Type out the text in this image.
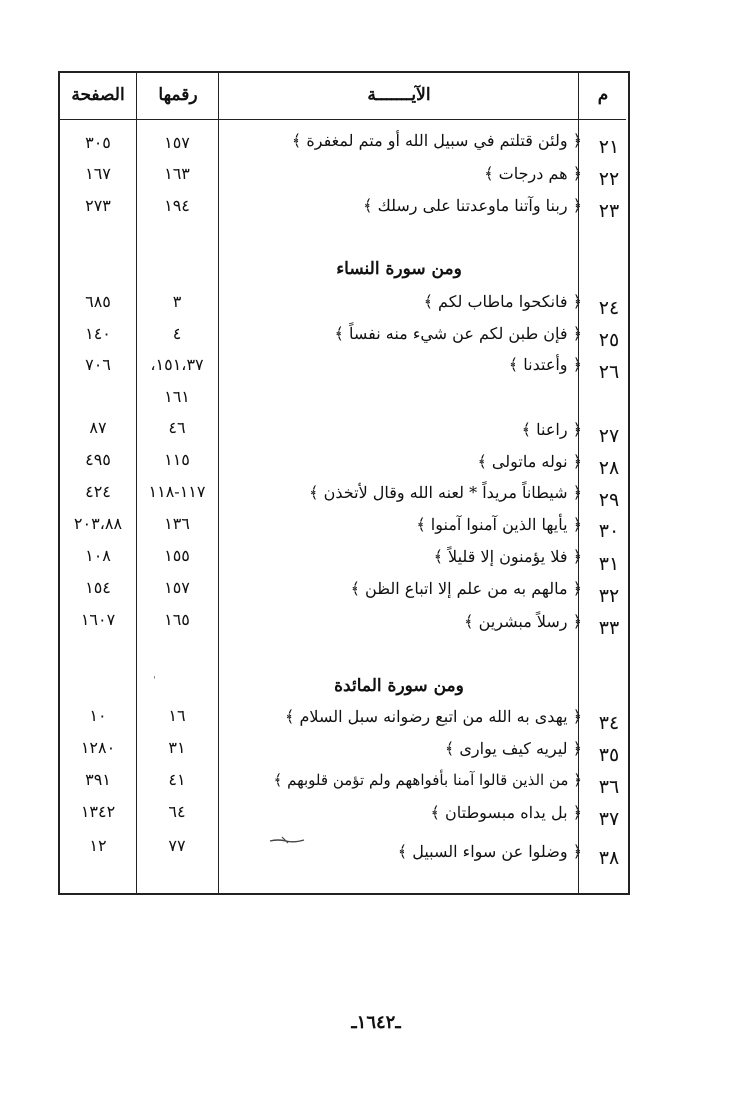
م
الآيـــــــة
رقمها
الصفحة
٢١
﴿ ولئن قتلتم في سبيل الله أو متم لمغفرة ﴾
١٥٧
٣٠٥
٢٢
﴿ هم درجات ﴾
١٦٣
١٦٧
٢٣
﴿ ربنا وآتنا ماوعدتنا على رسلك ﴾
١٩٤
٢٧٣
ومن سورة النساء
٢٤
﴿ فانكحوا ماطاب لكم ﴾
٣
٦٨٥
٢٥
﴿ فإن طبن لكم عن شيء منه نفساً ﴾
٤
١٤٠
٢٦
﴿ وأعتدنا ﴾
١٥١،٣٧،
١٦١
٧٠٦
٢٧
﴿ راعنا ﴾
٤٦
٨٧
٢٨
﴿ نوله ماتولى ﴾
١١٥
٤٩٥
٢٩
﴿ شيطاناً مريداً * لعنه الله وقال لأتخذن ﴾
١١٧-١١٨
٤٢٤
٣٠
﴿ يأيها الذين آمنوا آمنوا ﴾
١٣٦
٢٠٣،٨٨
٣١
﴿ فلا يؤمنون إلا قليلاً ﴾
١٥٥
١٠٨
٣٢
﴿ مالهم به من علم إلا اتباع الظن ﴾
١٥٧
١٥٤
٣٣
﴿ رسلاً مبشرين ﴾
١٦٥
١٦٠٧
ˈ	ومن سورة المائدة
٣٤
﴿ يهدى به الله من اتبع رضوانه سبل السلام ﴾
١٦
١٠
٣٥
﴿ ليريه كيف يوارى ﴾
٣١
١٢٨٠
٣٦
﴿ من الذين قالوا آمنا بأفواههم ولم تؤمن قلوبهم ﴾
٤١
٣٩١
٣٧
﴿ بل يداه مبسوطتان ﴾
٦٤
١٣٤٢
٣٨
﴿ وضلوا عن سواء السبيل ﴾
٧٧
١٢
ـ١٦٤٢ـ
